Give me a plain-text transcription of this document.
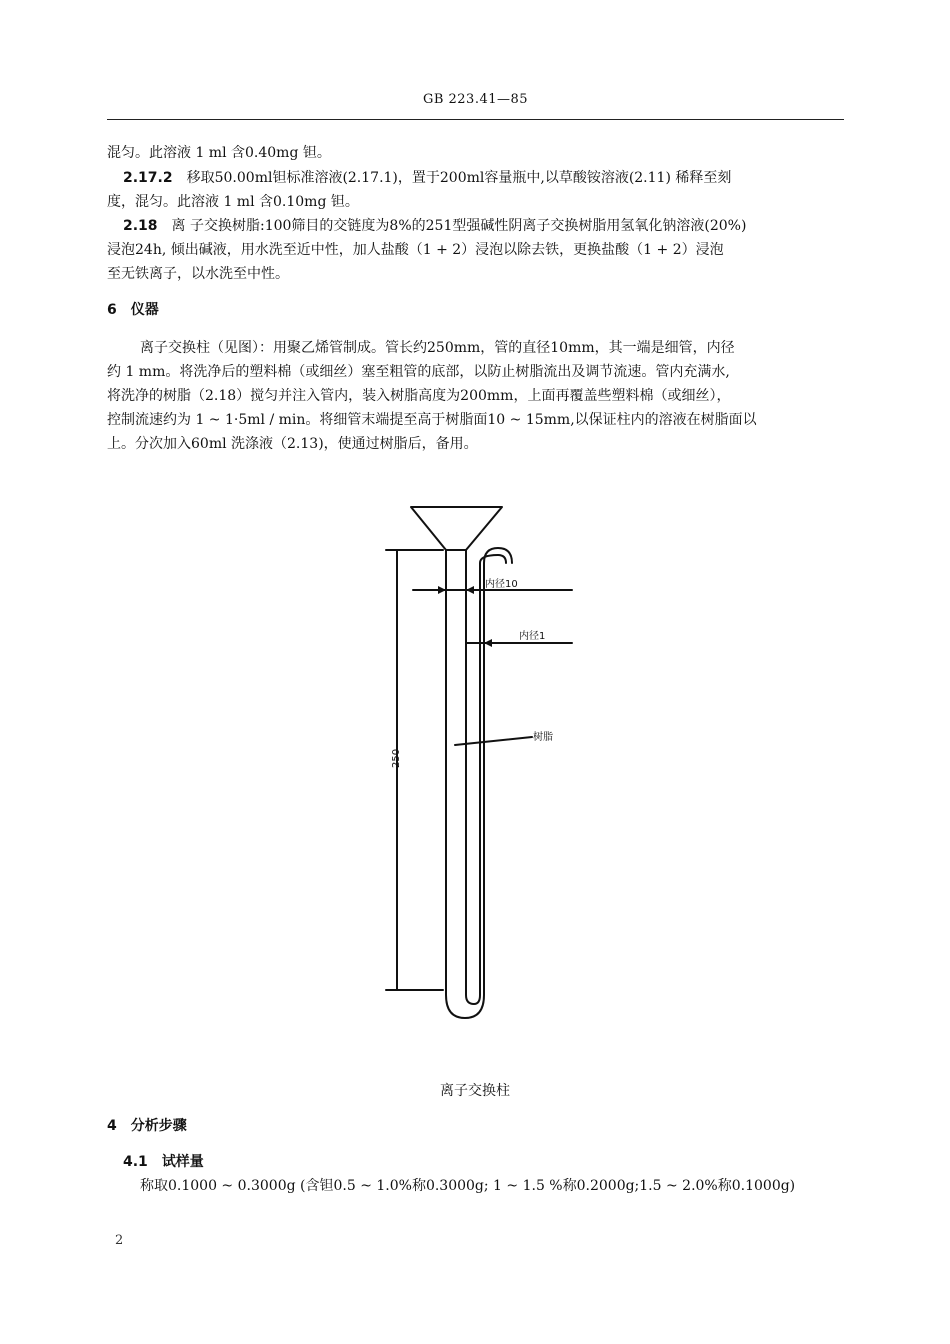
GB 223.41—85
混匀。此溶液 1 ml 含0.40mg 钽。
2.17.2 移取50.00ml钽标准溶液(2.17.1)，置于200ml容量瓶中,以草酸铵溶液(2.11) 稀释至刻
度，混匀。此溶液 1 ml 含0.10mg 钽。
2.18 离 子交换树脂:100筛目的交链度为8%的251型强碱性阴离子交换树脂用氢氧化钠溶液(20%)
浸泡24h, 倾出碱液，用水洗至近中性，加人盐酸（1 + 2）浸泡以除去铁，更换盐酸（1 + 2）浸泡
至无铁离子，以水洗至中性。
6 仪器
离子交换柱（见图）：用聚乙烯管制成。管长约250mm，管的直径10mm，其一端是细管，内径
约 1 mm。将洗净后的塑料棉（或细丝）塞至粗管的底部，以防止树脂流出及调节流速。管内充满水,
将洗净的树脂（2.18）搅匀并注入管内，装入树脂高度为200mm，上面再覆盖些塑料棉（或细丝），
控制流速约为 1 ~ 1·5ml / min。将细管末端提至高于树脂面10 ~ 15mm,以保证柱内的溶液在树脂面以
上。分次加入60ml 洗涤液（2.13)，使通过树脂后，备用。
内径10
内径1
树脂
250
离子交换柱
4 分析步骤
4.1 试样量
称取0.1000 ~ 0.3000g (含钽0.5 ~ 1.0%称0.3000g; 1 ~ 1.5 %称0.2000g;1.5 ~ 2.0%称0.1000g)
2
